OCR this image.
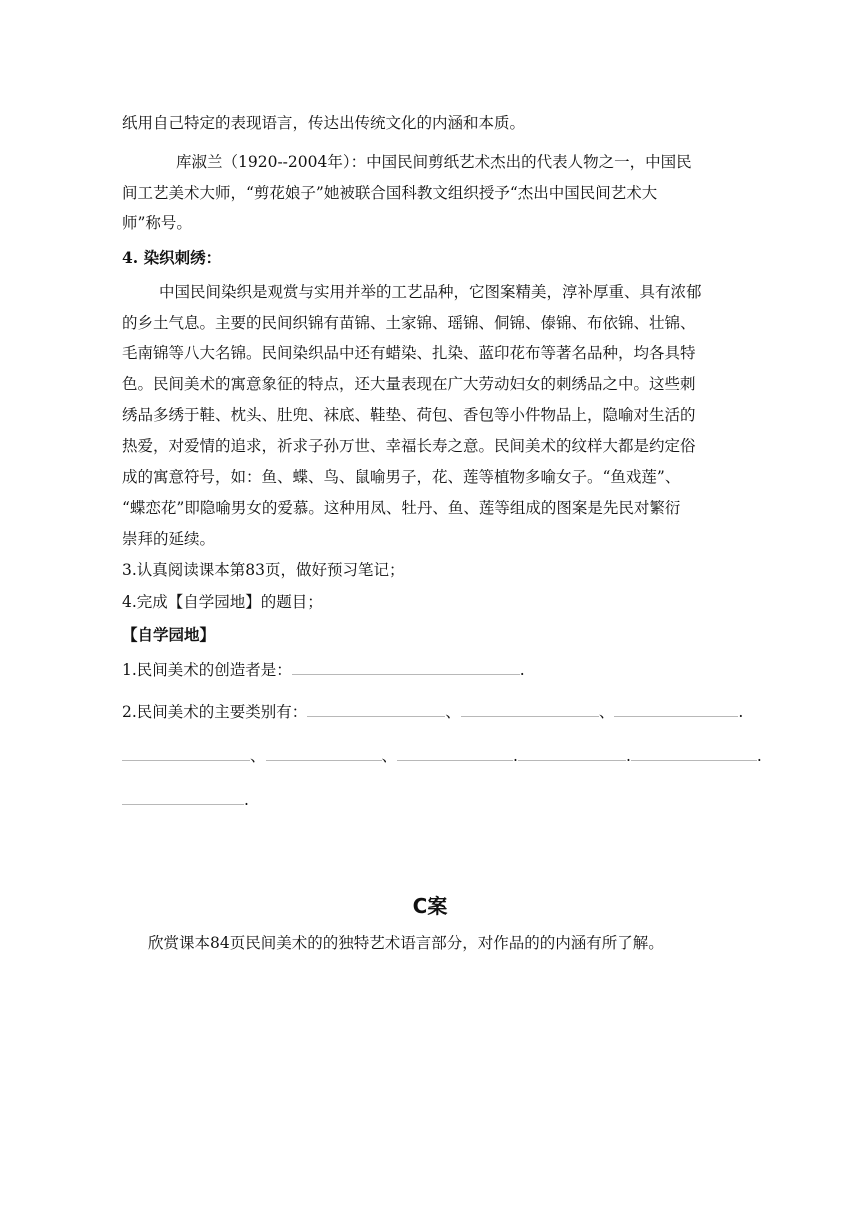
纸用自己特定的表现语言，传达出传统文化的内涵和本质。
库淑兰（1920--2004年）：中国民间剪纸艺术杰出的代表人物之一，中国民
间工艺美术大师，“剪花娘子”她被联合国科教文组织授予“杰出中国民间艺术大
师”称号。
4. 染织刺绣：
中国民间染织是观赏与实用并举的工艺品种，它图案精美，淳补厚重、具有浓郁
的乡土气息。主要的民间织锦有苗锦、土家锦、瑶锦、侗锦、傣锦、布依锦、壮锦、
毛南锦等八大名锦。民间染织品中还有蜡染、扎染、蓝印花布等著名品种，均各具特
色。民间美术的寓意象征的特点，还大量表现在广大劳动妇女的刺绣品之中。这些刺
绣品多绣于鞋、枕头、肚兜、袜底、鞋垫、荷包、香包等小件物品上，隐喻对生活的
热爱，对爱情的追求，祈求子孙万世、幸福长寿之意。民间美术的纹样大都是约定俗
成的寓意符号，如：鱼、蝶、鸟、鼠喻男子，花、莲等植物多喻女子。“鱼戏莲”、
“蝶恋花”即隐喻男女的爱慕。这种用凤、牡丹、鱼、莲等组成的图案是先民对繁衍
崇拜的延续。
3.认真阅读课本第83页，做好预习笔记；
4.完成【自学园地】的题目；
【自学园地】
1.民间美术的创造者是：	.
2.民间美术的主要类别有：	、	、	.
、	、	.	.	.
.
C案
欣赏课本84页民间美术的的独特艺术语言部分，对作品的的内涵有所了解。
